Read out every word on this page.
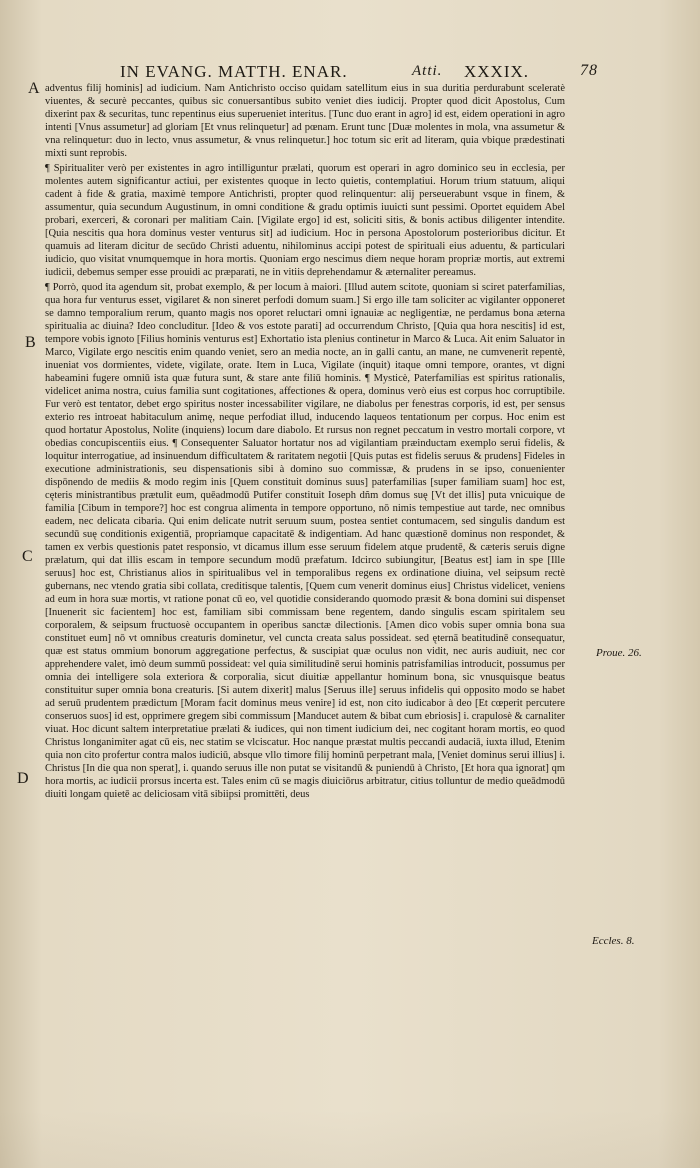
IN EVANG. MATTH. ENAR.	Atti. XXXIX.	78
A
B
C
D
Proue. 26.
Eccles. 8.

adventus filij hominis] ad iudicium. Nam Antichristo occiso quidam satellitum eius in sua duritia perdurabunt sceleratè viuentes, & securè peccantes, quibus sic conuersantibus subito veniet dies iudicij. Propter quod dicit Apostolus, Cum dixerint pax & securitas, tunc repentinus eius superueniet interitus. [Tunc duo erant in agro] id est, eidem operationi in agro intenti [Vnus assumetur] ad gloriam [Et vnus relinquetur] ad pœnam. Erunt tunc [Duæ molentes in mola, vna assumetur & vna relinquetur: duo in lecto, vnus assumetur, & vnus relinquetur.] hoc totum sic erit ad literam, quia vbique prædestinati mixti sunt reprobis.

¶ Spiritualiter verò per existentes in agro intilliguntur prælati, quorum est operari in agro dominico seu in ecclesia, per molentes autem significantur actiui, per existentes quoque in lecto quietis, contemplatiui. Horum trium statuum, aliqui cadent à fide & gratia, maximè tempore Antichristi, propter quod relinquentur: alij perseuerabunt vsque in finem, & assumentur, quia secundum Augustinum, in omni conditione & gradu optimis iuuicti sunt pessimi. Oportet equidem Abel probari, exerceri, & coronari per malitiam Cain. [Vigilate ergo] id est, soliciti sitis, & bonis actibus diligenter intendite. [Quia nescitis qua hora dominus vester venturus sit] ad iudicium. Hoc in persona Apostolorum posterioribus dicitur. Et quamuis ad literam dicitur de secūdo Christi aduentu, nihilominus accipi potest de spirituali eius aduentu, & particulari iudicio, quo visitat vnumquemque in hora mortis. Quoniam ergo nescimus diem neque horam propriæ mortis, aut extremi iudicii, debemus semper esse prouidi ac præparati, ne in vitiis deprehendamur & æternaliter pereamus.

¶ Porrò, quod ita agendum sit, probat exemplo, & per locum à maiori. [Illud autem scitote, quoniam si sciret paterfamilias, qua hora fur venturus esset, vigilaret & non sineret perfodi domum suam.] Si ergo ille tam soliciter ac vigilanter opponeret se damno temporalium rerum, quanto magis nos oporet reluctari omni ignauiæ ac negligentiæ, ne perdamus bona æterna spiritualia ac diuina? Ideo concluditur. [Ideo & vos estote parati] ad occurrendum Christo, [Quia qua hora nescitis] id est, tempore vobis ignoto [Filius hominis venturus est] Exhortatio ista plenius continetur in Marco & Luca. Ait enim Saluator in Marco, Vigilate ergo nescitis enim quando veniet, sero an media nocte, an in galli cantu, an mane, ne cumvenerit repentè, inueniat vos dormientes, videte, vigilate, orate. Item in Luca, Vigilate (inquit) itaque omni tempore, orantes, vt digni habeamini fugere omniū ista quæ futura sunt, & stare ante filiū hominis. ¶ Mysticè, Paterfamilias est spiritus rationalis, videlicet anima nostra, cuius familia sunt cogitationes, affectiones & opera, dominus verò eius est corpus hoc corruptibile. Fur verò est tentator, debet ergo spiritus noster incessabiliter vigilare, ne diabolus per fenestras corporis, id est, per sensus exterio res introeat habitaculum animę, neque perfodiat illud, inducendo laqueos tentationum per corpus. Hoc enim est quod hortatur Apostolus, Nolite (inquiens) locum dare diabolo. Et rursus non regnet peccatum in vestro mortali corpore, vt obedias concupiscentiis eius. ¶ Consequenter Saluator hortatur nos ad vigilantiam præinductam exemplo serui fidelis, & loquitur interrogatiue, ad insinuendum difficultatem & raritatem negotii [Quis putas est fidelis seruus & prudens] Fideles in executione administrationis, seu dispensationis sibi à domino suo commissæ, & prudens in se ipso, conuenienter dispōnendo de mediis & modo regim inis [Quem constituit dominus suus] paterfamilias [super familiam suam] hoc est, cęteris ministrantibus prætulit eum, quēadmodū Putifer constituit Ioseph dñm domus suę [Vt det illis] puta vnicuique de familia [Cibum in tempore?] hoc est congrua alimenta in tempore opportuno, nō nimis tempestiue aut tarde, nec omnibus eadem, nec delicata cibaria. Qui enim delicate nutrit seruum suum, postea sentiet contumacem, sed singulis dandum est secundū suę conditionis exigentiā, propriamque capacitatē & indigentiam. Ad hanc quæstionē dominus non respondet, & tamen ex verbis questionis patet responsio, vt dicamus illum esse seruum fidelem atque prudentē, & cæteris seruis digne prælatum, qui dat illis escam in tempore secundum modū præfatum. Idcirco subiungitur, [Beatus est] iam in spe [Ille seruus] hoc est, Christianus alios in spiritualibus vel in temporalibus regens ex ordinatione diuina, vel seipsum rectè gubernans, nec vtendo gratia sibi collata, creditisque talentis, [Quem cum venerit dominus eius] Christus videlicet, veniens ad eum in hora suæ mortis, vt ratione ponat cū eo, vel quotidie considerando quomodo præsit & bona domini sui dispenset [Inuenerit sic facientem] hoc est, familiam sibi commissam bene regentem, dando singulis escam spiritalem seu corporalem, & seipsum fructuosè occupantem in operibus sanctæ dilectionis. [Amen dico vobis super omnia bona sua constituet eum] nō vt omnibus creaturis dominetur, vel cuncta creata salus possideat. sed ęternā beatitudinē consequatur, quæ est status ommium bonorum aggregatione perfectus, & suscipiat quæ oculus non vidit, nec auris audiuit, nec cor apprehendere valet, imò deum summū possideat: vel quia similitudinē serui hominis patrisfamilias introducit, possumus per omnia dei intelligere sola exteriora & corporalia, sicut diuitiæ appellantur hominum bona, sic vnusquisque beatus constituitur super omnia bona creaturis. [Si autem dixerit] malus [Seruus ille] seruus infidelis qui opposito modo se habet ad seruū prudentem prædictum [Moram facit dominus meus venire] id est, non cito iudicabor à deo [Et cœperit percutere conseruos suos] id est, opprimere gregem sibi commissum [Manducet autem & bibat cum ebriosis] i. crapulosè & carnaliter viuat. Hoc dicunt saltem interpretatiue prælati & iudices, qui non timent iudicium dei, nec cogitant horam mortis, eo quod Christus longanimiter agat cū eis, nec statim se vlciscatur. Hoc nanque præstat multis peccandi audaciā, iuxta illud, Etenim quia non cito profertur contra malos iudiciū, absque vllo timore filij hominū perpetrant mala, [Veniet dominus serui illius] i. Christus [In die qua non sperat], i. quando seruus ille non putat se visitandū & puniendū à Christo, [Et hora qua ignorat] qm hora mortis, ac iudicii prorsus incerta est. Tales enim cū se magis diuiciōrus arbitratur, citius tolluntur de medio queādmodū diuiti longam quietē ac deliciosam vitā sibiipsi promittēti, deus
